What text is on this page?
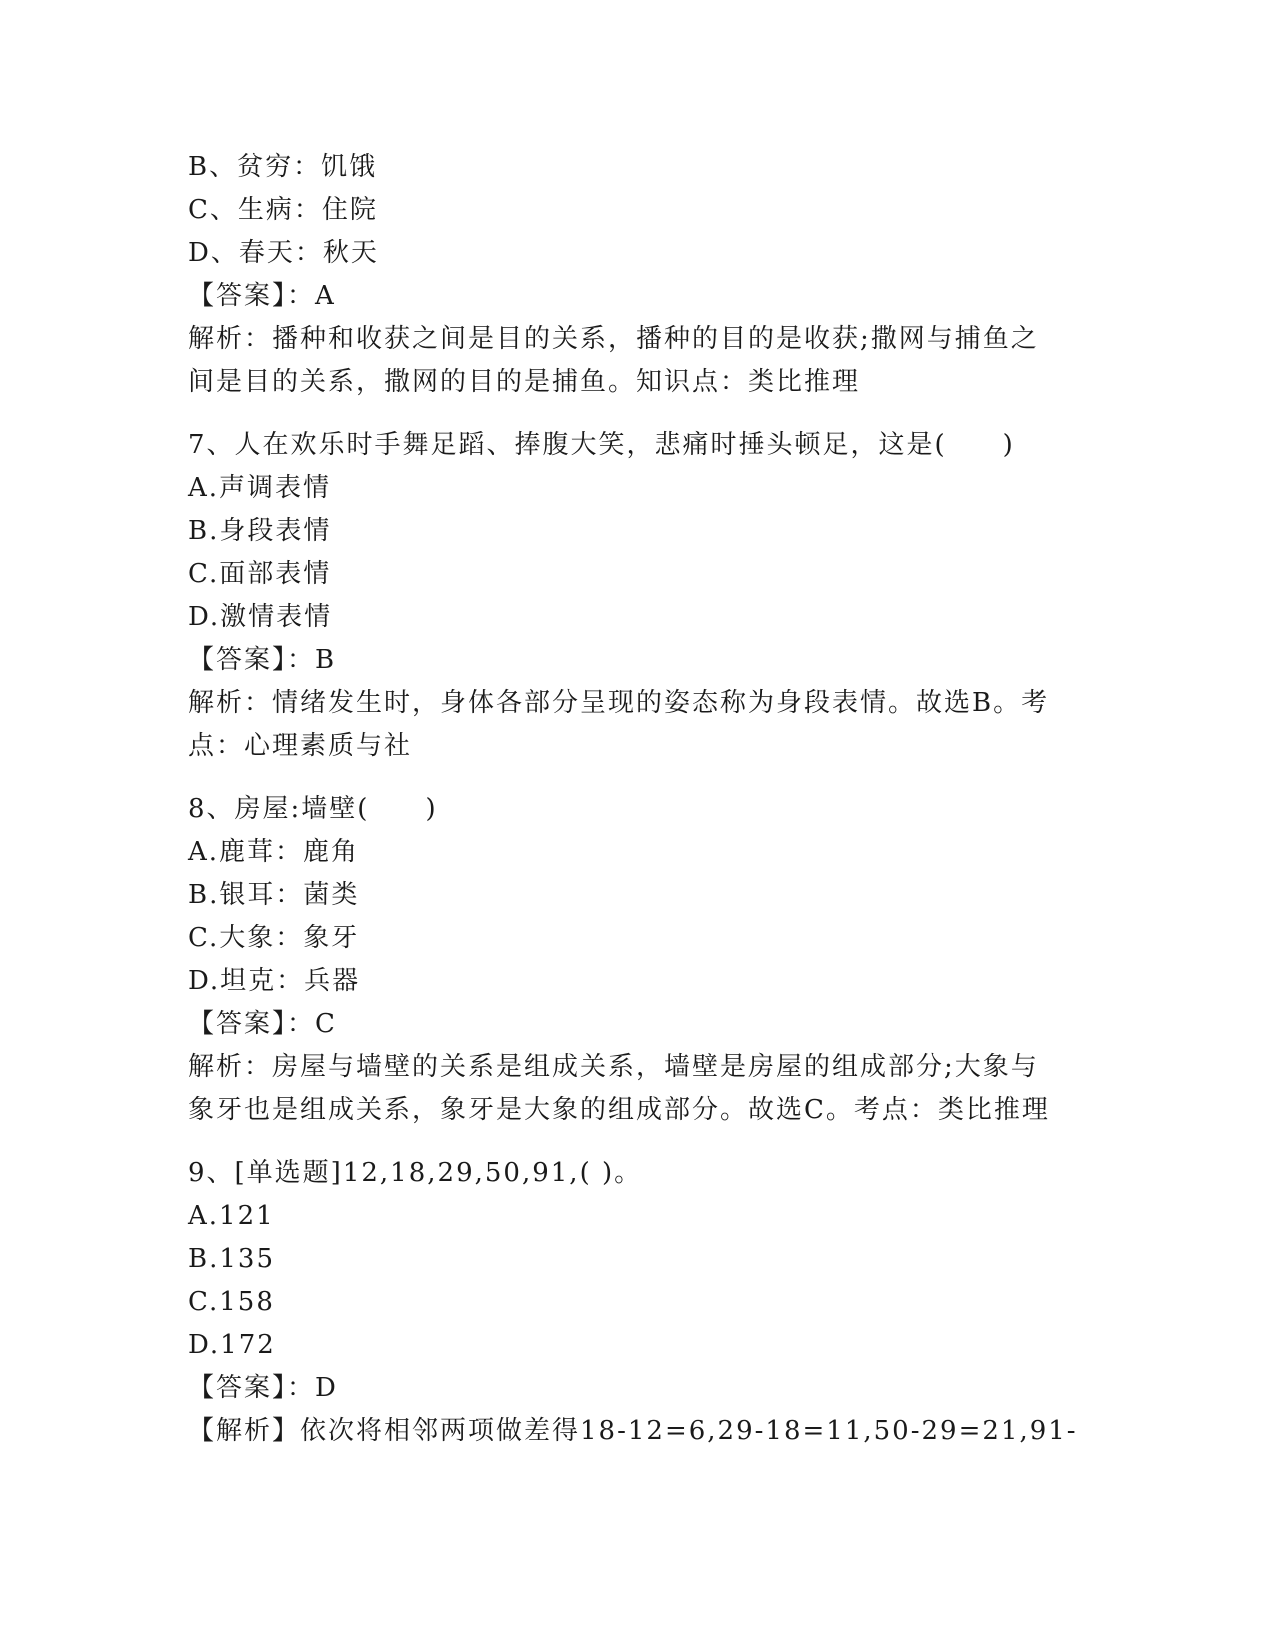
B、贫穷：饥饿
C、生病：住院
D、春天：秋天
【答案】：A
解析：播种和收获之间是目的关系，播种的目的是收获;撒网与捕鱼之
间是目的关系，撒网的目的是捕鱼。知识点：类比推理
7、人在欢乐时手舞足蹈、捧腹大笑，悲痛时捶头顿足，这是(　　)
A.声调表情
B.身段表情
C.面部表情
D.激情表情
【答案】：B
解析：情绪发生时，身体各部分呈现的姿态称为身段表情。故选B。考
点：心理素质与社
8、房屋:墙壁(　　)
A.鹿茸：鹿角
B.银耳：菌类
C.大象：象牙
D.坦克：兵器
【答案】：C
解析：房屋与墙壁的关系是组成关系，墙壁是房屋的组成部分;大象与
象牙也是组成关系，象牙是大象的组成部分。故选C。考点：类比推理
9、[单选题]12,18,29,50,91,( )。
A.121
B.135
C.158
D.172
【答案】：D
【解析】依次将相邻两项做差得18-12=6,29-18=11,50-29=21,91-
